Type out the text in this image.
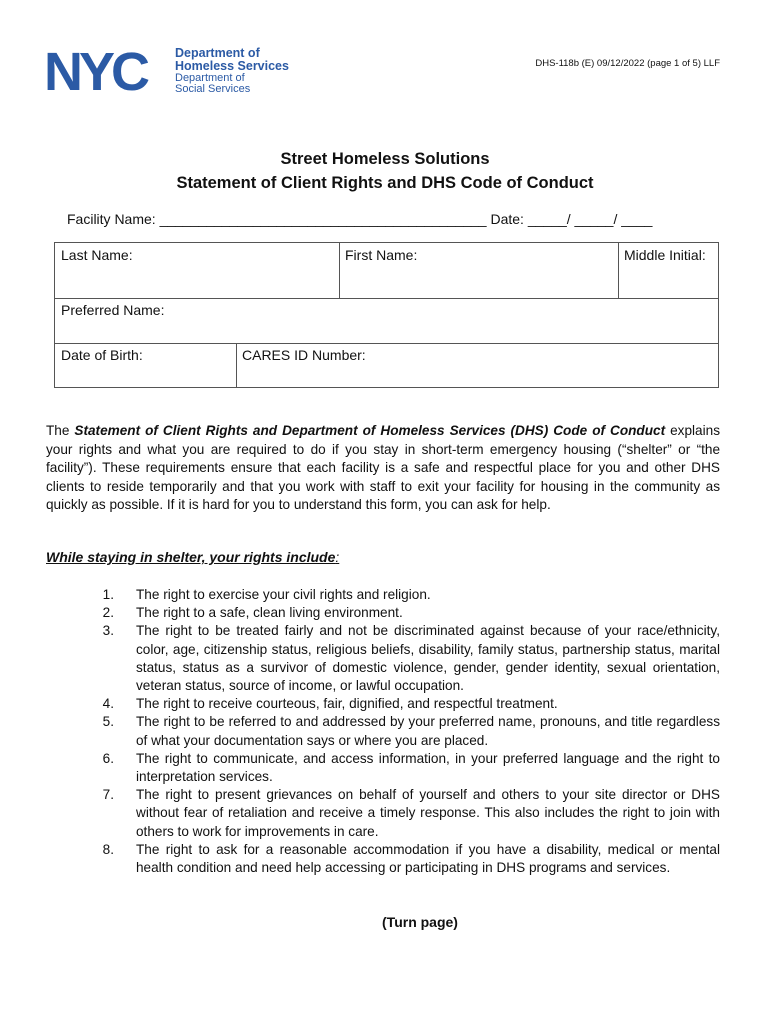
NYC Department of
Homeless Services
Department of
Social Services
DHS-118b (E) 09/12/2022 (page 1 of 5) LLF
Street Homeless Solutions
Statement of Client Rights and DHS Code of Conduct
Facility Name: __________________________________________ Date: _____/ _____/ ____
Last Name:	First Name:	Middle Initial:
Preferred Name:
Date of Birth:	CARES ID Number:
The Statement of Client Rights and Department of Homeless Services (DHS) Code of Conduct explains your rights and what you are required to do if you stay in short-term emergency housing (“shelter” or “the facility”). These requirements ensure that each facility is a safe and respectful place for you and other DHS clients to reside temporarily and that you work with staff to exit your facility for housing in the community as quickly as possible. If it is hard for you to understand this form, you can ask for help.
While staying in shelter, your rights include:
1. The right to exercise your civil rights and religion.
2. The right to a safe, clean living environment.
3. The right to be treated fairly and not be discriminated against because of your race/ethnicity, color, age, citizenship status, religious beliefs, disability, family status, partnership status, marital status, status as a survivor of domestic violence, gender, gender identity, sexual orientation, veteran status, source of income, or lawful occupation.
4. The right to receive courteous, fair, dignified, and respectful treatment.
5. The right to be referred to and addressed by your preferred name, pronouns, and title regardless of what your documentation says or where you are placed.
6. The right to communicate, and access information, in your preferred language and the right to interpretation services.
7. The right to present grievances on behalf of yourself and others to your site director or DHS without fear of retaliation and receive a timely response. This also includes the right to join with others to work for improvements in care.
8. The right to ask for a reasonable accommodation if you have a disability, medical or mental health condition and need help accessing or participating in DHS programs and services.
(Turn page)
